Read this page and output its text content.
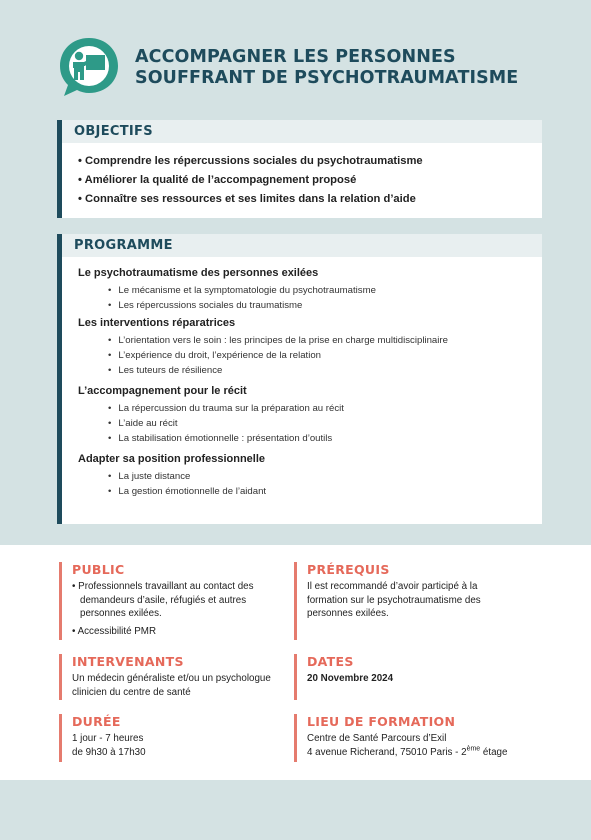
ACCOMPAGNER LES PERSONNES
SOUFFRANT DE PSYCHOTRAUMATISME
OBJECTIFS
• Comprendre les répercussions sociales du psychotraumatisme
• Améliorer la qualité de l’accompagnement proposé
• Connaître ses ressources et ses limites dans la relation d’aide
PROGRAMME
Le psychotraumatisme des personnes exilées
• Le mécanisme et la symptomatologie du psychotraumatisme
• Les répercussions sociales du traumatisme
Les interventions réparatrices
• L’orientation vers le soin : les principes de la prise en charge multidisciplinaire
• L’expérience du droit, l’expérience de la relation
• Les tuteurs de résilience
L’accompagnement pour le récit
• La répercussion du trauma sur la préparation au récit
• L’aide au récit
• La stabilisation émotionnelle : présentation d’outils
Adapter sa position professionnelle
• La juste distance
• La gestion émotionnelle de l’aidant
PUBLIC
• Professionnels travaillant au contact des demandeurs d’asile, réfugiés et autres personnes exilées.
• Accessibilité PMR
PRÉREQUIS
Il est recommandé d’avoir participé à la formation sur le psychotraumatisme des personnes exilées.
INTERVENANTS
Un médecin généraliste et/ou un psychologue clinicien du centre de santé
DATES
20 Novembre 2024
DURÉE
1 jour - 7 heures
de 9h30 à 17h30
LIEU DE FORMATION
Centre de Santé Parcours d’Exil
4 avenue Richerand, 75010 Paris - 2ème étage
